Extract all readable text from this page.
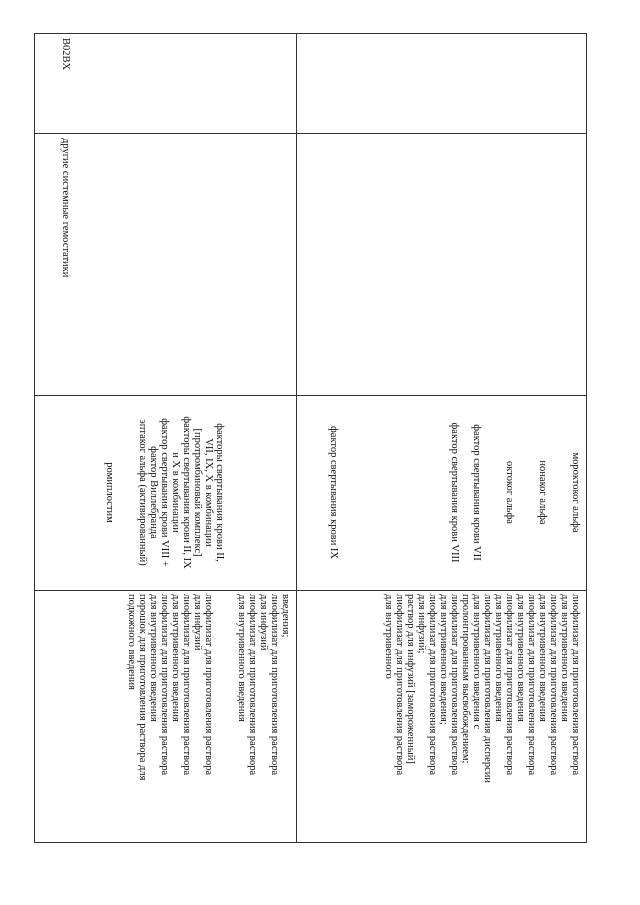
мороктоког альфа
нонаког альфа
октоког альфа
фактор свертывания крови VII
фактор свертывания крови VIII
фактор свертывания крови IX
лиофилизат для приготовления раствора
для внутривенного введения
лиофилизат для приготовления раствора
для внутривенного введения
лиофилизат для приготовления раствора
для внутривенного введения
лиофилизат для приготовления раствора
для внутривенного введения
лиофилизат для приготовления дисперсии
для внутривенного введения с
пролонгированным высвобождением;
лиофилизат для приготовления раствора
для внутривенного введения;
лиофилизат для приготовления раствора
для инфузий;
раствор для инфузий [замороженный]
лиофилизат для приготовления раствора
для внутривенного
B02BX
другие системные гемостатики
факторы свертывания крови II,
VII, IX, X в комбинации
[протромбиновый комплекс]
факторы свертывания крови II, IX
и X в комбинации
фактор свертывания крови VIII +
фактор Виллебранда
эптаког альфа (активированный)
ромиплостим
введения;
лиофилизат для приготовления раствора
для инфузий
лиофилизат для приготовления раствора
для внутривенного введения
лиофилизат для приготовления раствора
для инфузий
лиофилизат для приготовления раствора
для внутривенного введения
лиофилизат для приготовления раствора
для внутривенного введения
порошок для приготовления раствора для
подкожного введения
